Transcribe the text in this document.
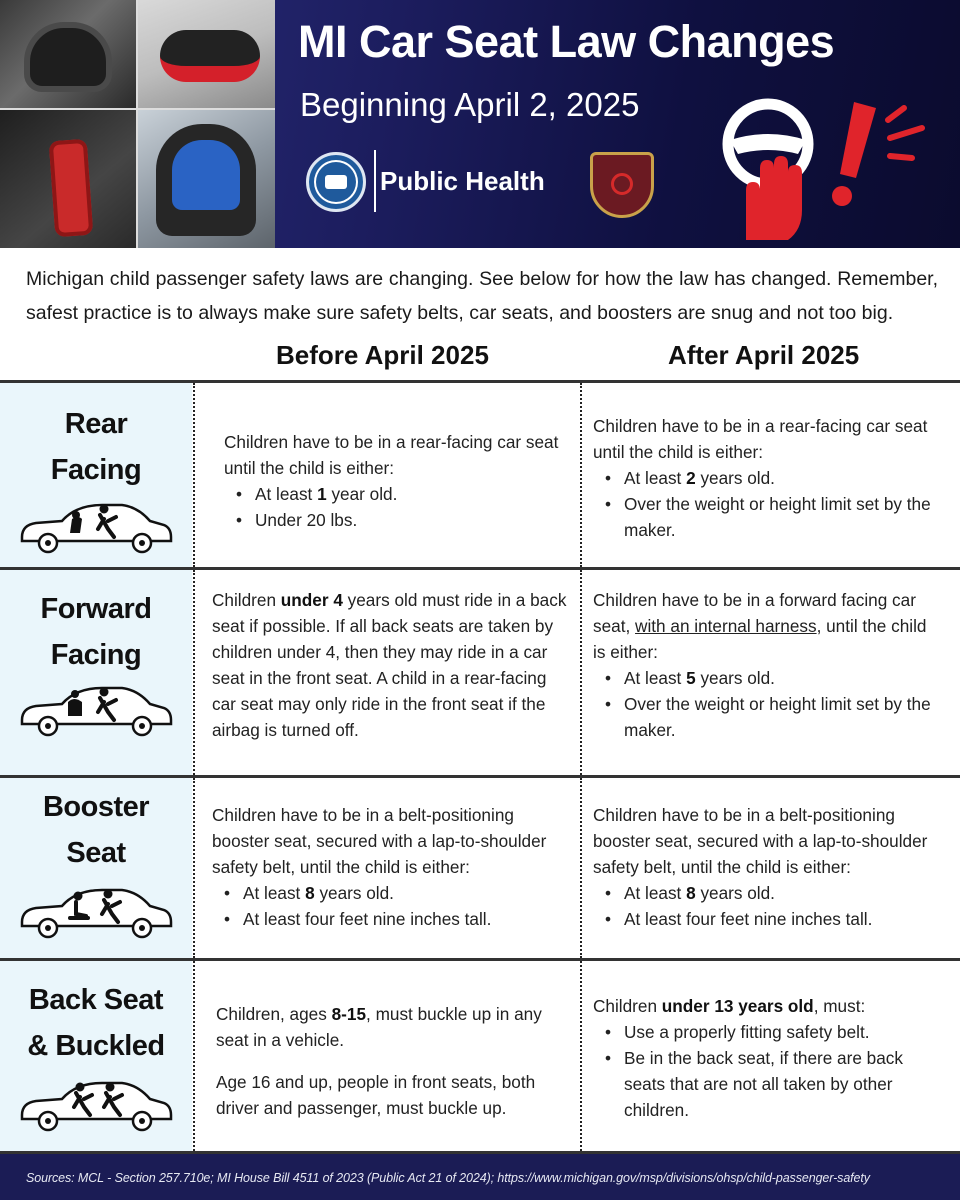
MI Car Seat Law Changes
Beginning April 2, 2025
Public Health

Michigan child passenger safety laws are changing. See below for how the law has changed. Remember, safest practice is to always make sure safety belts, car seats, and boosters are snug and not too big.

Before April 2025	After April 2025
Rear
Facing
Children have to be in a rear-facing car seat until the child is either:
• At least 1 year old.
• Under 20 lbs.
Children have to be in a rear-facing car seat until the child is either:
• At least 2 years old.
• Over the weight or height limit set by the maker.
Forward
Facing
Children under 4 years old must ride in a back seat if possible. If all back seats are taken by children under 4, then they may ride in a car seat in the front seat. A child in a rear-facing car seat may only ride in the front seat if the airbag is turned off.
Children have to be in a forward facing car seat, with an internal harness, until the child is either:
• At least 5 years old.
• Over the weight or height limit set by the maker.
Booster
Seat
Children have to be in a belt-positioning booster seat, secured with a lap-to-shoulder safety belt, until the child is either:
• At least 8 years old.
• At least four feet nine inches tall.
Children have to be in a belt-positioning booster seat, secured with a lap-to-shoulder safety belt, until the child is either:
• At least 8 years old.
• At least four feet nine inches tall.
Back Seat
& Buckled

Children, ages 8-15, must buckle up in any seat in a vehicle.

Age 16 and up, people in front seats, both driver and passenger, must buckle up.

Children under 13 years old, must:
• Use a properly fitting safety belt.
• Be in the back seat, if there are back seats that are not all taken by other children.
Sources: MCL - Section 257.710e; MI House Bill 4511 of 2023 (Public Act 21 of 2024); https://www.michigan.gov/msp/divisions/ohsp/child-passenger-safety
